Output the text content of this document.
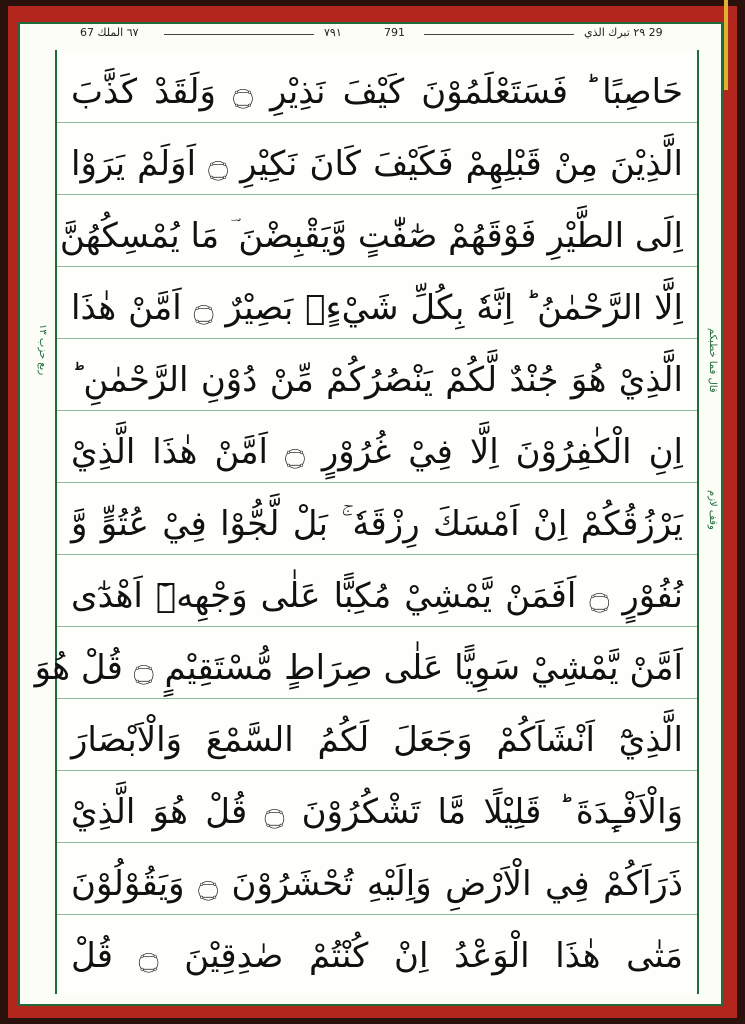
67 ٦٧ الملك	٧٩١	791	29 ٢٩ تبرك الذي
ربع حزب ١٣	قال فما خطبكم
وقف لازم
حَاصِبًا ؕ فَسَتَعْلَمُوْنَ كَيْفَ نَذِيْرِ ۝ وَلَقَدْ كَذَّبَ
الَّذِيْنَ مِنْ قَبْلِهِمْ فَكَيْفَ كَانَ نَكِيْرِ ۝ اَوَلَمْ يَرَوْا
اِلَى الطَّيْرِ فَوْقَهُمْ صٰٓفّٰتٍ وَّيَقْبِضْنَ ؔ مَا يُمْسِكُهُنَّ
اِلَّا الرَّحْمٰنُ ؕ اِنَّهٗ بِكُلِّ شَيْءٍۢ بَصِيْرٌ ۝ اَمَّنْ هٰذَا
الَّذِيْ هُوَ جُنْدٌ لَّكُمْ يَنْصُرُكُمْ مِّنْ دُوْنِ الرَّحْمٰنِ ؕ
اِنِ الْكٰفِرُوْنَ اِلَّا فِيْ غُرُوْرٍ ۝ اَمَّنْ هٰذَا الَّذِيْ
يَرْزُقُكُمْ اِنْ اَمْسَكَ رِزْقَهٗ ۚ بَلْ لَّجُّوْا فِيْ عُتُوٍّ وَّ
نُفُوْرٍ ۝ اَفَمَنْ يَّمْشِيْ مُكِبًّا عَلٰى وَجْهِهٖٓ اَهْدٰٓى
اَمَّنْ يَّمْشِيْ سَوِيًّا عَلٰى صِرَاطٍ مُّسْتَقِيْمٍ ۝ قُلْ هُوَ
الَّذِيْٓ اَنْشَاَكُمْ وَجَعَلَ لَكُمُ السَّمْعَ وَالْاَبْصَارَ
وَالْاَفْـِٕدَةَ ؕ قَلِيْلًا مَّا تَشْكُرُوْنَ ۝ قُلْ هُوَ الَّذِيْ
ذَرَاَكُمْ فِي الْاَرْضِ وَاِلَيْهِ تُحْشَرُوْنَ ۝ وَيَقُوْلُوْنَ
مَتٰى هٰذَا الْوَعْدُ اِنْ كُنْتُمْ صٰدِقِيْنَ ۝ قُلْ
